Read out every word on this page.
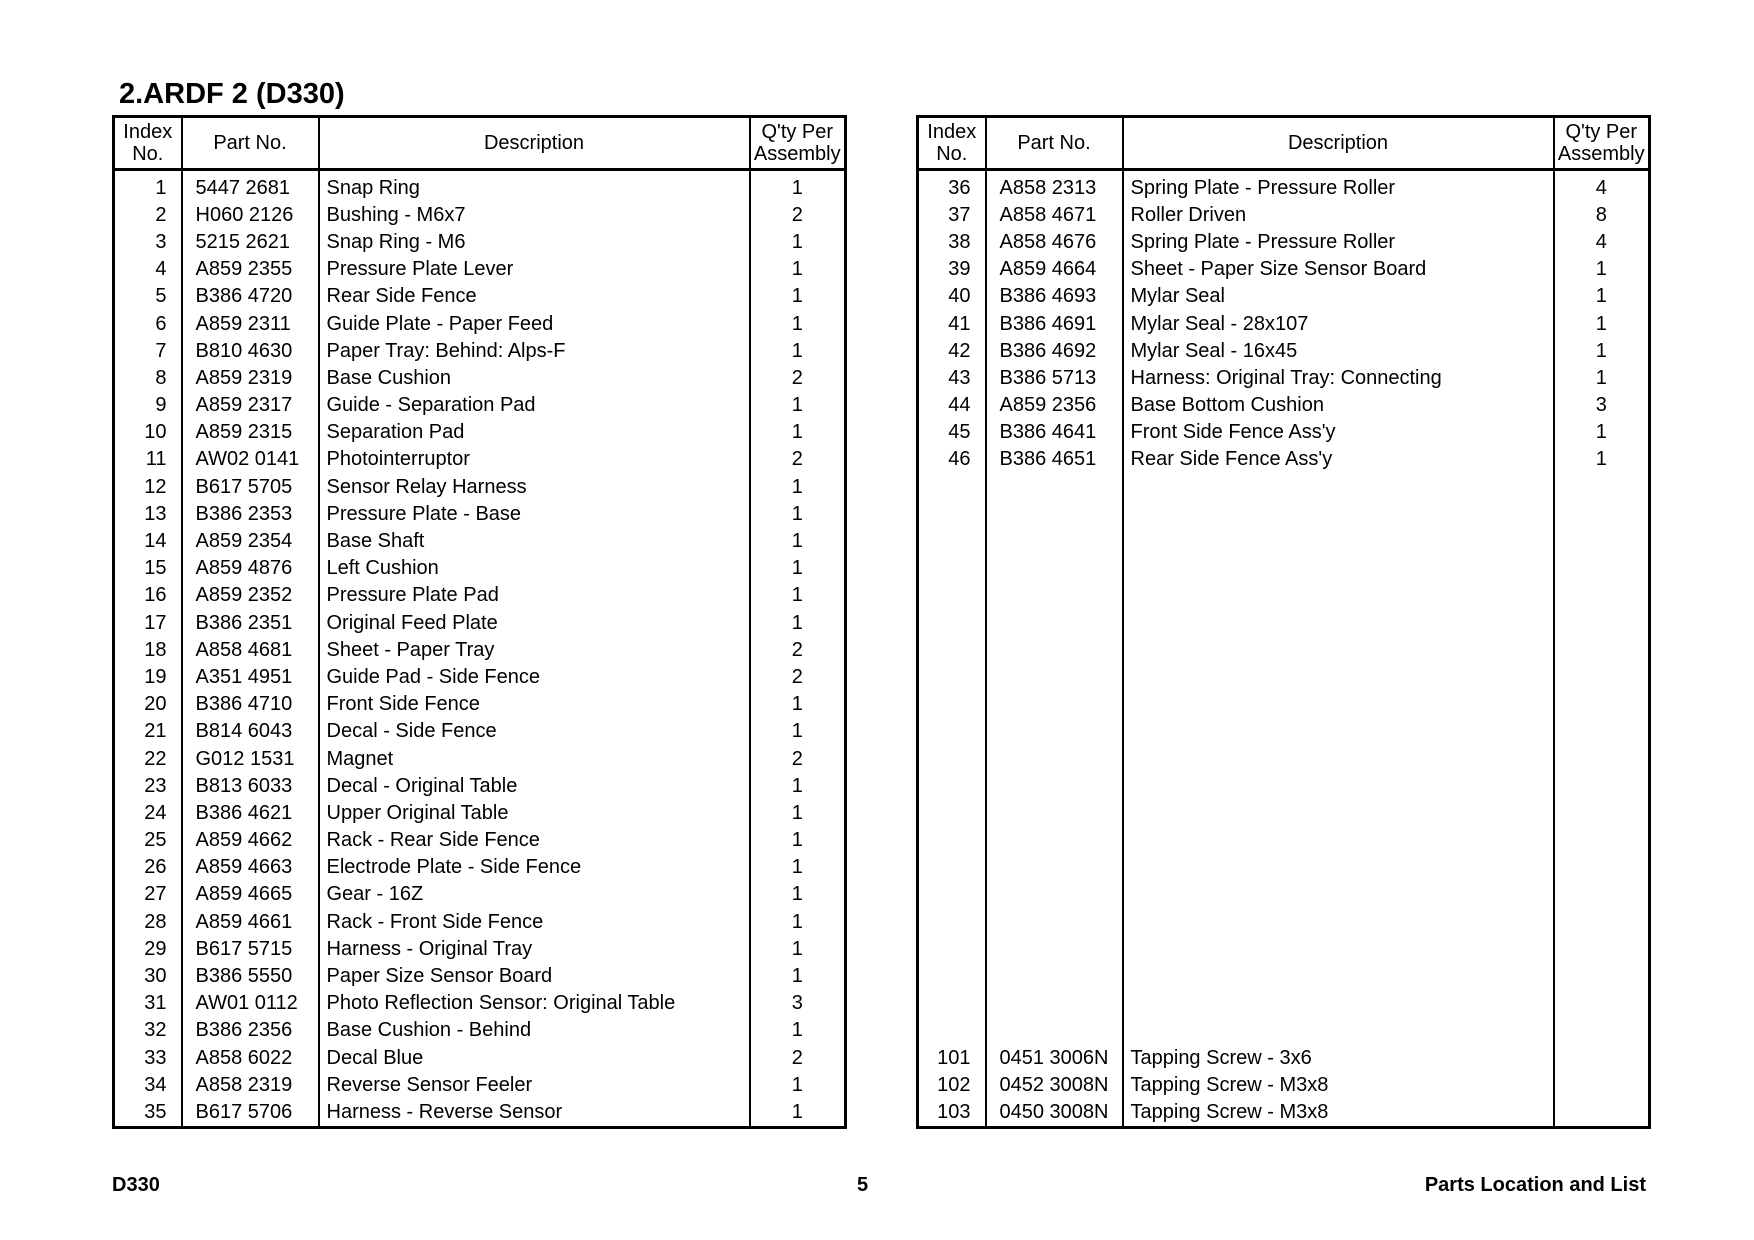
2.ARDF 2 (D330)
Index
No.	Part No.	Description	Q'ty Per
Assembly
1	5447 2681	Snap Ring	1
2	H060 2126	Bushing - M6x7	2
3	5215 2621	Snap Ring - M6	1
4	A859 2355	Pressure Plate Lever	1
5	B386 4720	Rear Side Fence	1
6	A859 2311	Guide Plate - Paper Feed	1
7	B810 4630	Paper Tray: Behind: Alps-F	1
8	A859 2319	Base Cushion	2
9	A859 2317	Guide - Separation Pad	1
10	A859 2315	Separation Pad	1
11	AW02 0141	Photointerruptor	2
12	B617 5705	Sensor Relay Harness	1
13	B386 2353	Pressure Plate - Base	1
14	A859 2354	Base Shaft	1
15	A859 4876	Left Cushion	1
16	A859 2352	Pressure Plate Pad	1
17	B386 2351	Original Feed Plate	1
18	A858 4681	Sheet - Paper Tray	2
19	A351 4951	Guide Pad - Side Fence	2
20	B386 4710	Front Side Fence	1
21	B814 6043	Decal - Side Fence	1
22	G012 1531	Magnet	2
23	B813 6033	Decal - Original Table	1
24	B386 4621	Upper Original Table	1
25	A859 4662	Rack - Rear Side Fence	1
26	A859 4663	Electrode Plate - Side Fence	1
27	A859 4665	Gear - 16Z	1
28	A859 4661	Rack - Front Side Fence	1
29	B617 5715	Harness - Original Tray	1
30	B386 5550	Paper Size Sensor Board	1
31	AW01 0112	Photo Reflection Sensor: Original Table	3
32	B386 2356	Base Cushion - Behind	1
33	A858 6022	Decal Blue	2
34	A858 2319	Reverse Sensor Feeler	1
35	B617 5706	Harness - Reverse Sensor	1
Index
No.	Part No.	Description	Q'ty Per
Assembly
36	A858 2313	Spring Plate - Pressure Roller	4
37	A858 4671	Roller Driven	8
38	A858 4676	Spring Plate - Pressure Roller	4
39	A859 4664	Sheet - Paper Size Sensor Board	1
40	B386 4693	Mylar Seal	1
41	B386 4691	Mylar Seal - 28x107	1
42	B386 4692	Mylar Seal - 16x45	1
43	B386 5713	Harness: Original Tray: Connecting	1
44	A859 2356	Base Bottom Cushion	3
45	B386 4641	Front Side Fence Ass'y	1
46	B386 4651	Rear Side Fence Ass'y	1

101	0451 3006N	Tapping Screw - 3x6	
102	0452 3008N	Tapping Screw - M3x8	
103	0450 3008N	Tapping Screw - M3x8	
D330	5	Parts Location and List
